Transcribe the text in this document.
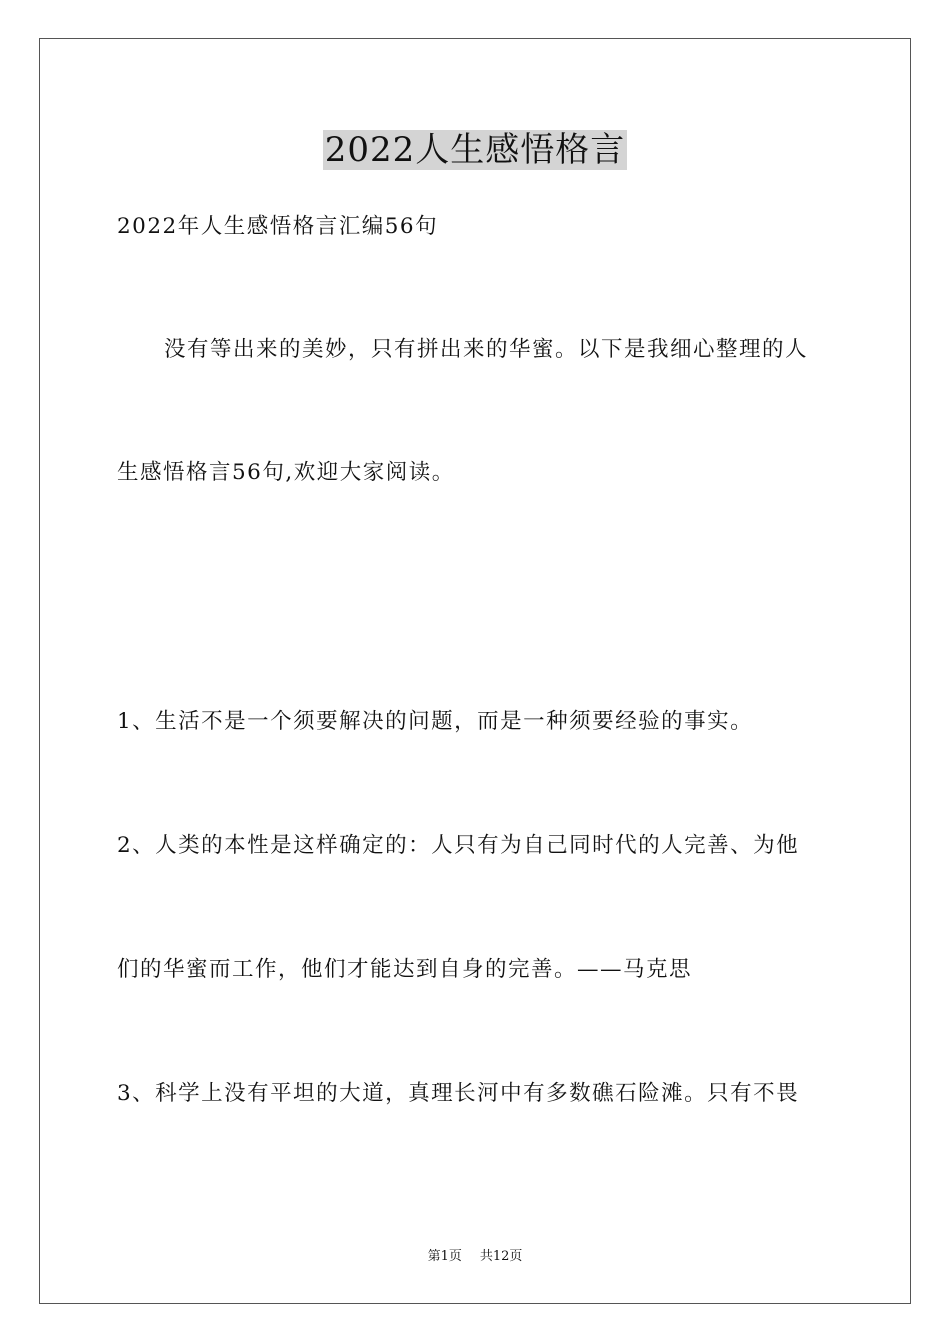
2022人生感悟格言
2022年人生感悟格言汇编56句
没有等出来的美妙，只有拼出来的华蜜。以下是我细心整理的人
生感悟格言56句,欢迎大家阅读。
1、生活不是一个须要解决的问题，而是一种须要经验的事实。
2、人类的本性是这样确定的：人只有为自己同时代的人完善、为他
们的华蜜而工作，他们才能达到自身的完善。——马克思
3、科学上没有平坦的大道，真理长河中有多数礁石险滩。只有不畏
第1页 共12页
